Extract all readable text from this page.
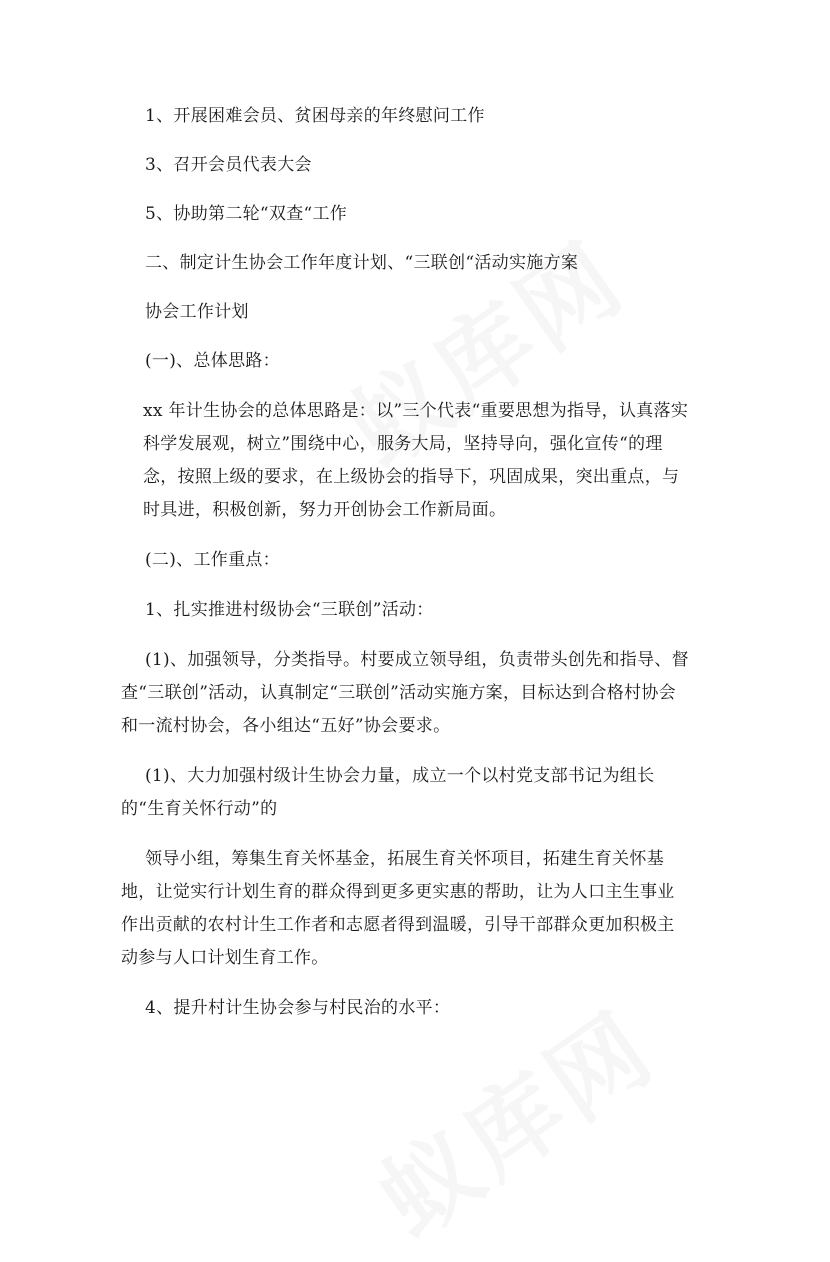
1、开展困难会员、贫困母亲的年终慰问工作

3、召开会员代表大会

5、协助第二轮“双查“工作

二、制定计生协会工作年度计划、“三联创“活动实施方案

协会工作计划

(一)、总体思路：

xx 年计生协会的总体思路是：以”三个代表“重要思想为指导，认真落实科学发展观，树立”围绕中心，服务大局，坚持导向，强化宣传“的理念，按照上级的要求，在上级协会的指导下，巩固成果，突出重点，与时具进，积极创新，努力开创协会工作新局面。

(二)、工作重点：

1、扎实推进村级协会“三联创”活动：

(1)、加强领导，分类指导。村要成立领导组，负责带头创先和指导、督查“三联创”活动，认真制定“三联创”活动实施方案，目标达到合格村协会和一流村协会，各小组达“五好”协会要求。

(1)、大力加强村级计生协会力量，成立一个以村党支部书记为组长的“生育关怀行动”的

领导小组，筹集生育关怀基金，拓展生育关怀项目，拓建生育关怀基地，让觉实行计划生育的群众得到更多更实惠的帮助，让为人口主生事业作出贡献的农村计生工作者和志愿者得到温暖，引导干部群众更加积极主动参与人口计划生育工作。

4、提升村计生协会参与村民治的水平：
